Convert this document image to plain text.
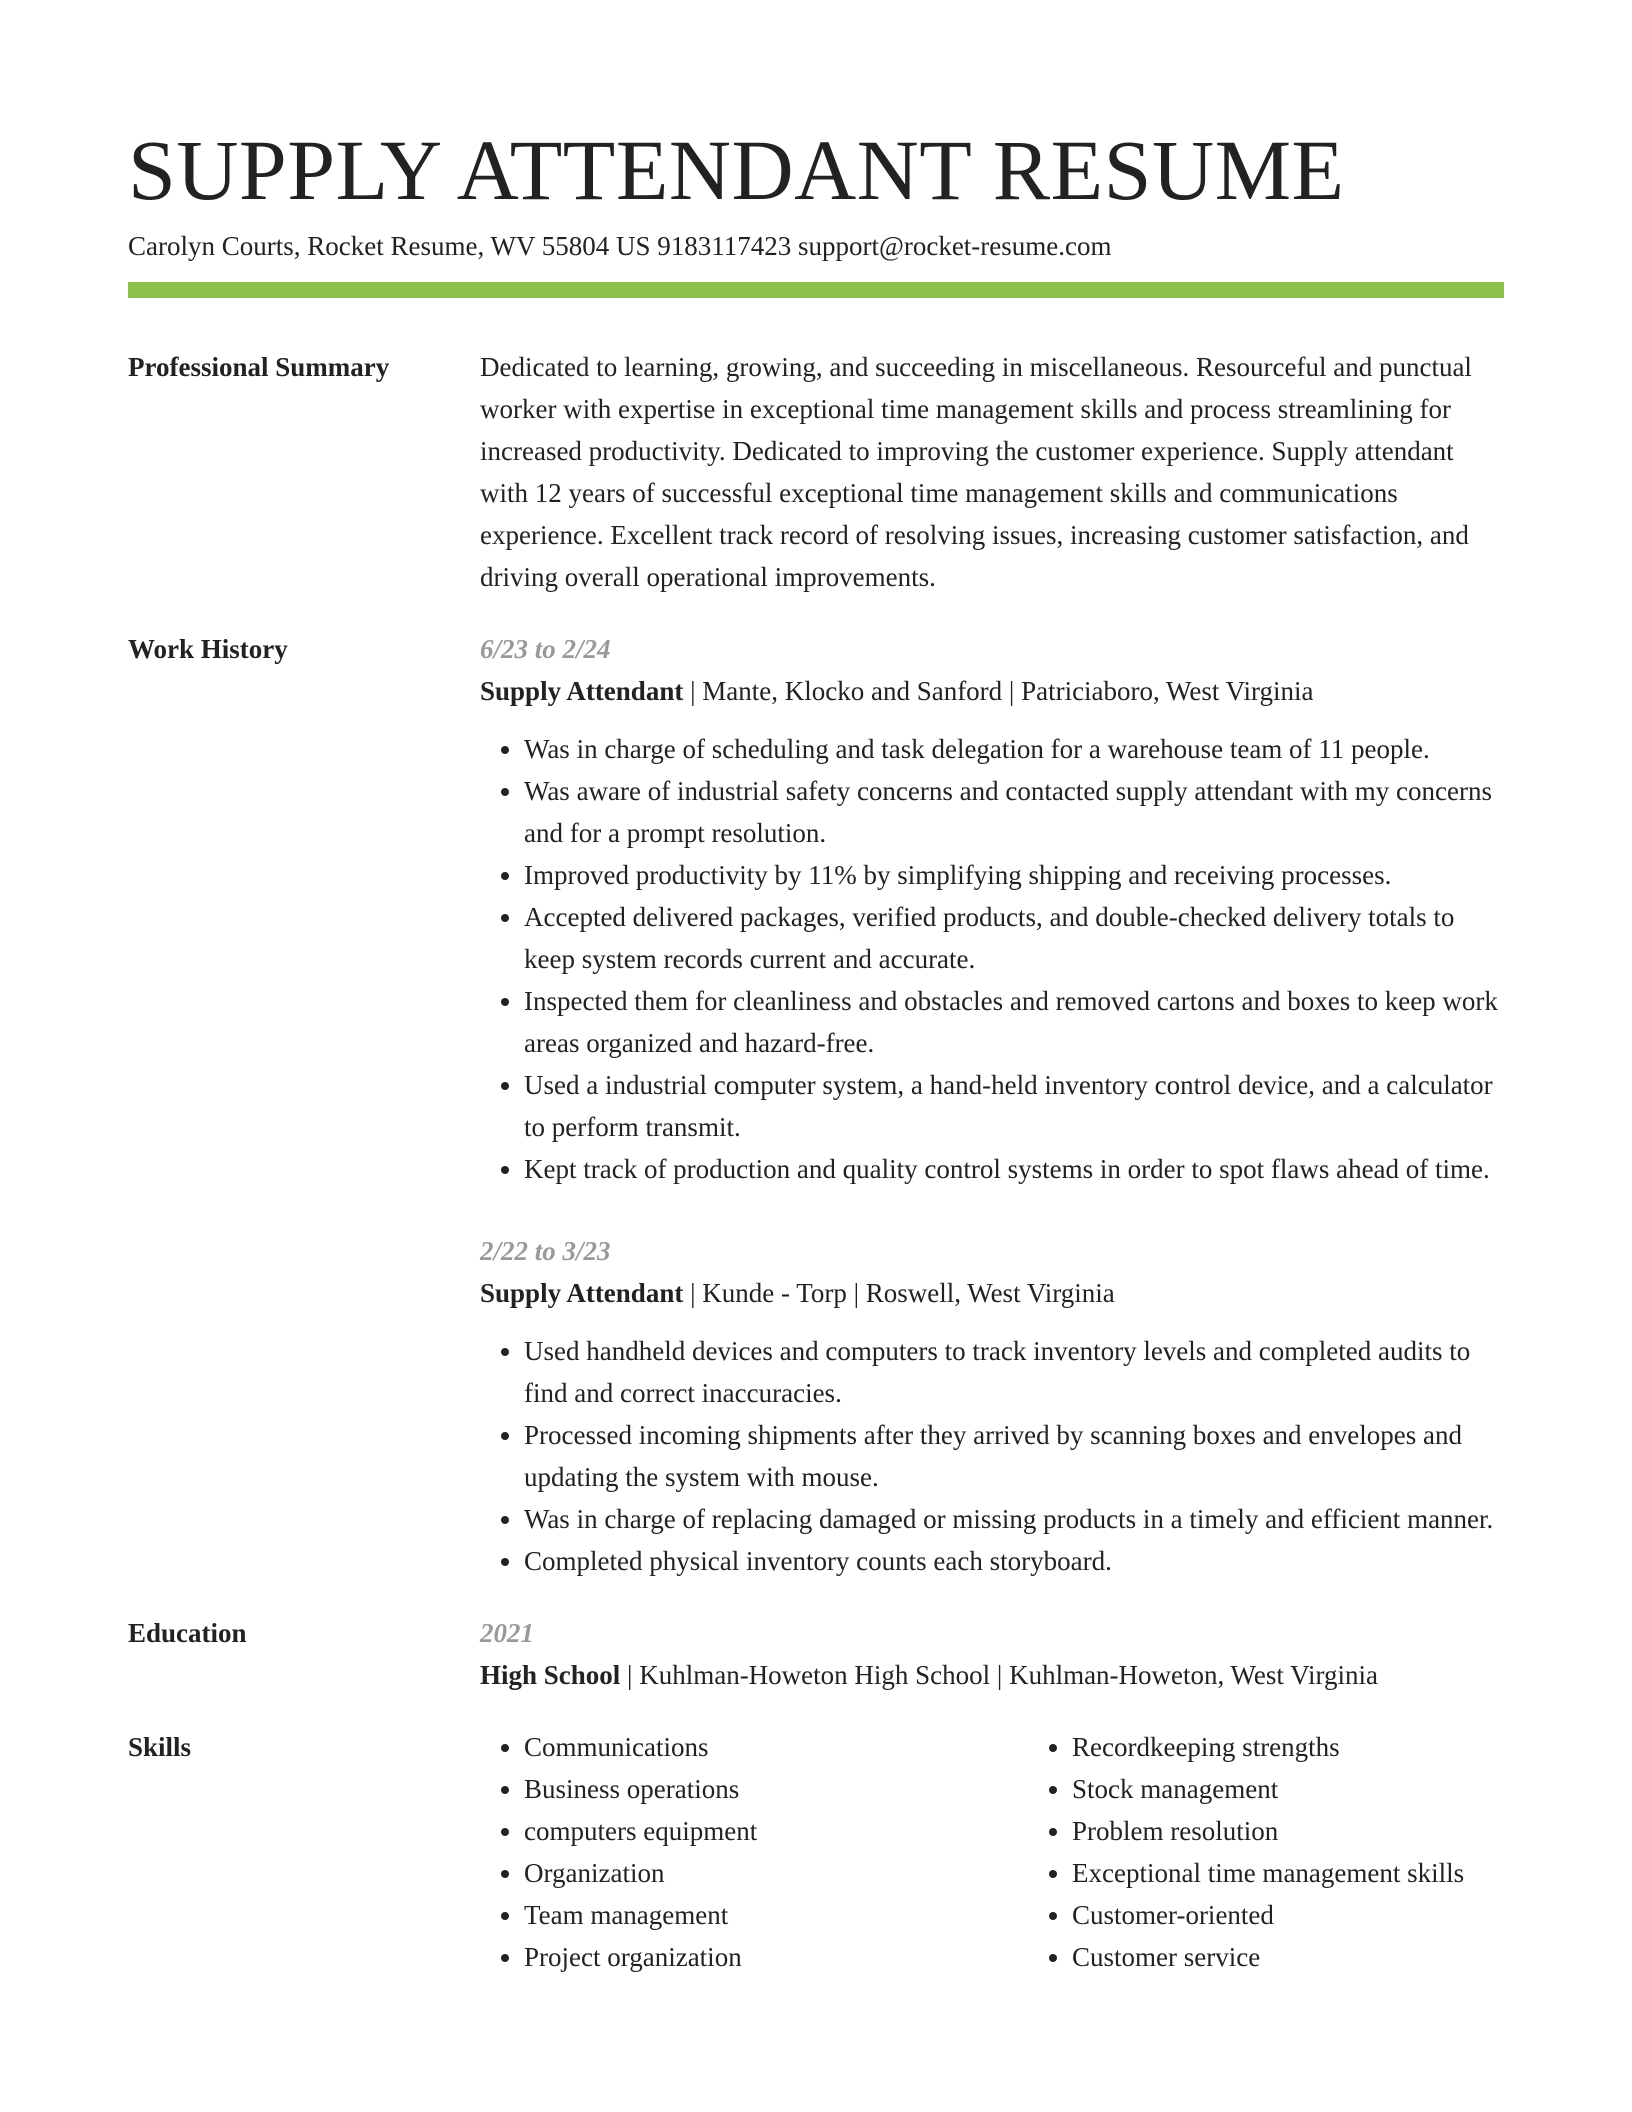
SUPPLY ATTENDANT RESUME
Carolyn Courts, Rocket Resume, WV 55804 US 9183117423 support@rocket-resume.com
Professional Summary	Dedicated to learning, growing, and succeeding in miscellaneous. Resourceful and punctual worker with expertise in exceptional time management skills and process streamlining for increased productivity. Dedicated to improving the customer experience. Supply attendant with 12 years of successful exceptional time management skills and communications experience. Excellent track record of resolving issues, increasing customer satisfaction, and driving overall operational improvements.
Work History	6/23 to 2/24
Supply Attendant | Mante, Klocko and Sanford | Patriciaboro, West Virginia
• Was in charge of scheduling and task delegation for a warehouse team of 11 people.
• Was aware of industrial safety concerns and contacted supply attendant with my concerns and for a prompt resolution.
• Improved productivity by 11% by simplifying shipping and receiving processes.
• Accepted delivered packages, verified products, and double-checked delivery totals to keep system records current and accurate.
• Inspected them for cleanliness and obstacles and removed cartons and boxes to keep work areas organized and hazard-free.
• Used a industrial computer system, a hand-held inventory control device, and a calculator to perform transmit.
• Kept track of production and quality control systems in order to spot flaws ahead of time.
2/22 to 3/23
Supply Attendant | Kunde - Torp | Roswell, West Virginia
• Used handheld devices and computers to track inventory levels and completed audits to find and correct inaccuracies.
• Processed incoming shipments after they arrived by scanning boxes and envelopes and updating the system with mouse.
• Was in charge of replacing damaged or missing products in a timely and efficient manner.
• Completed physical inventory counts each storyboard.
Education	2021
High School | Kuhlman-Howeton High School | Kuhlman-Howeton, West Virginia
Skills
•	Communications
• Business operations
• computers equipment
• Organization
• Team management
• Project organization
• Recordkeeping strengths
• Stock management
• Problem resolution
• Exceptional time management skills
• Customer-oriented
• Customer service
